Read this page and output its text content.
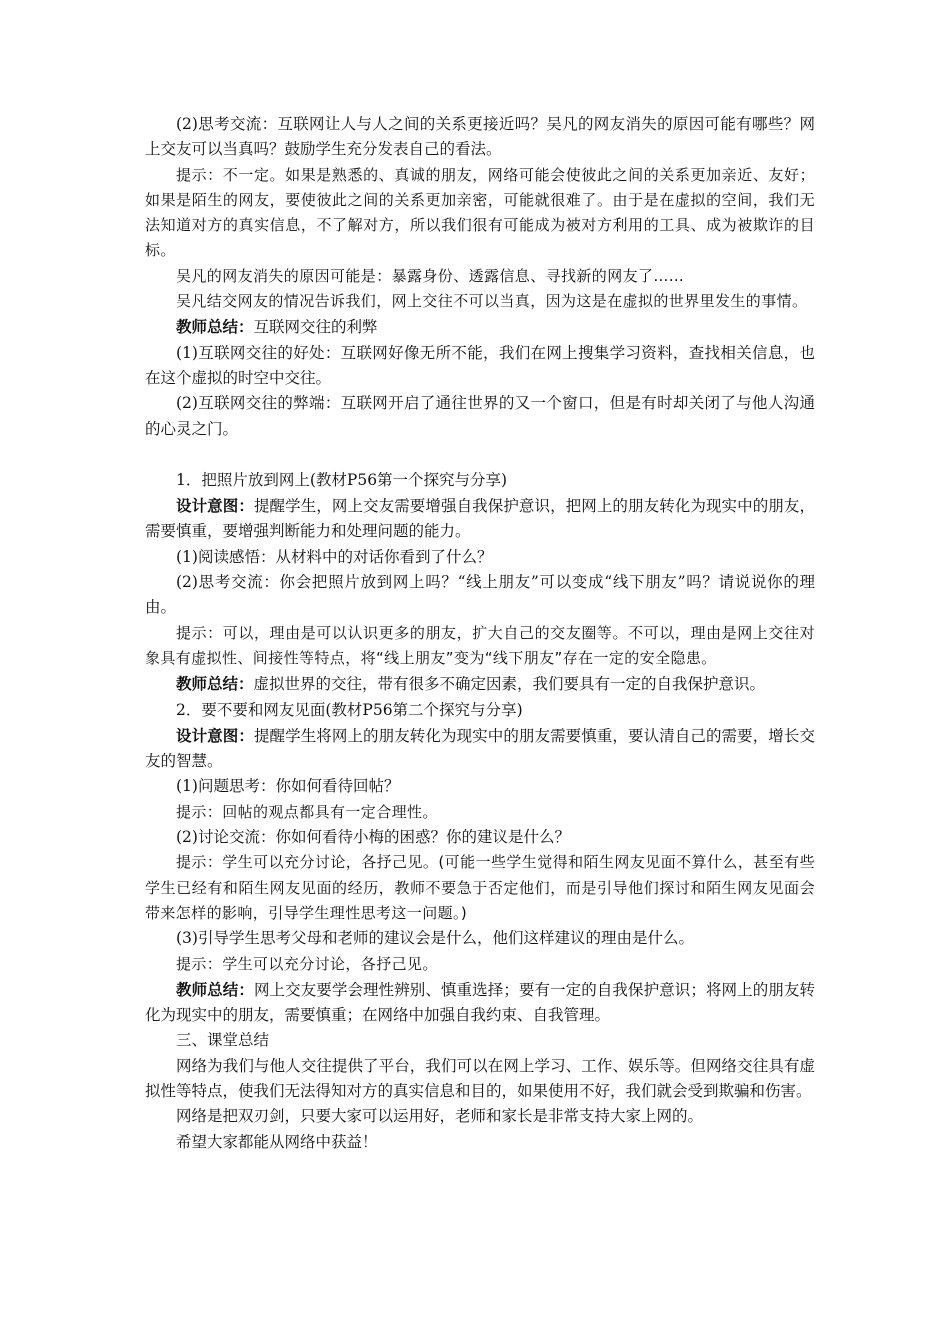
(2)思考交流：互联网让人与人之间的关系更接近吗？吴凡的网友消失的原因可能有哪些？网上交友可以当真吗？鼓励学生充分发表自己的看法。

提示：不一定。如果是熟悉的、真诚的朋友，网络可能会使彼此之间的关系更加亲近、友好；如果是陌生的网友，要使彼此之间的关系更加亲密，可能就很难了。由于是在虚拟的空间，我们无法知道对方的真实信息，不了解对方，所以我们很有可能成为被对方利用的工具、成为被欺诈的目标。

吴凡的网友消失的原因可能是：暴露身份、透露信息、寻找新的网友了……

吴凡结交网友的情况告诉我们，网上交往不可以当真，因为这是在虚拟的世界里发生的事情。

教师总结：互联网交往的利弊

(1)互联网交往的好处：互联网好像无所不能，我们在网上搜集学习资料，查找相关信息，也在这个虚拟的时空中交往。

(2)互联网交往的弊端：互联网开启了通往世界的又一个窗口，但是有时却关闭了与他人沟通的心灵之门。

1．把照片放到网上(教材P56第一个探究与分享)

设计意图：提醒学生，网上交友需要增强自我保护意识，把网上的朋友转化为现实中的朋友，需要慎重，要增强判断能力和处理问题的能力。

(1)阅读感悟：从材料中的对话你看到了什么？

(2)思考交流：你会把照片放到网上吗？“线上朋友”可以变成“线下朋友”吗？请说说你的理由。

提示：可以，理由是可以认识更多的朋友，扩大自己的交友圈等。不可以，理由是网上交往对象具有虚拟性、间接性等特点，将“线上朋友”变为“线下朋友”存在一定的安全隐患。

教师总结：虚拟世界的交往，带有很多不确定因素，我们要具有一定的自我保护意识。

2．要不要和网友见面(教材P56第二个探究与分享)

设计意图：提醒学生将网上的朋友转化为现实中的朋友需要慎重，要认清自己的需要，增长交友的智慧。

(1)问题思考：你如何看待回帖？

提示：回帖的观点都具有一定合理性。

(2)讨论交流：你如何看待小梅的困惑？你的建议是什么？

提示：学生可以充分讨论，各抒己见。(可能一些学生觉得和陌生网友见面不算什么，甚至有些学生已经有和陌生网友见面的经历，教师不要急于否定他们，而是引导他们探讨和陌生网友见面会带来怎样的影响，引导学生理性思考这一问题。)

(3)引导学生思考父母和老师的建议会是什么，他们这样建议的理由是什么。

提示：学生可以充分讨论，各抒己见。

教师总结：网上交友要学会理性辨别、慎重选择；要有一定的自我保护意识；将网上的朋友转化为现实中的朋友，需要慎重；在网络中加强自我约束、自我管理。

三、课堂总结

网络为我们与他人交往提供了平台，我们可以在网上学习、工作、娱乐等。但网络交往具有虚拟性等特点，使我们无法得知对方的真实信息和目的，如果使用不好，我们就会受到欺骗和伤害。

网络是把双刃剑，只要大家可以运用好，老师和家长是非常支持大家上网的。

希望大家都能从网络中获益！
